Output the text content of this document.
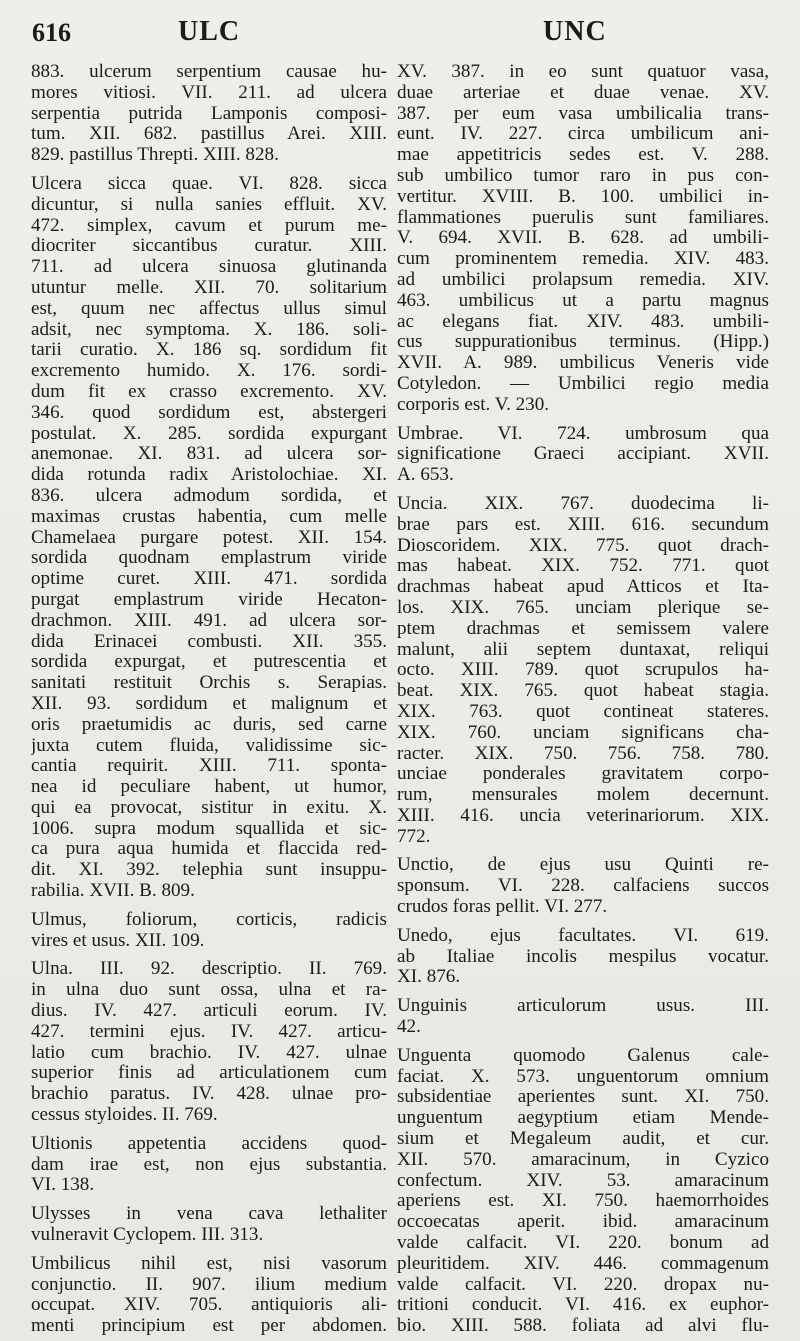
616	ULC	UNC
883. ulcerum serpentium causae hu-
mores vitiosi. VII. 211. ad ulcera
serpentia putrida Lamponis composi-
tum. XII. 682. pastillus Arei. XIII.
829. pastillus Threpti. XIII. 828.
Ulcera sicca quae. VI. 828. sicca
dicuntur, si nulla sanies effluit. XV.
472. simplex, cavum et purum me-
diocriter siccantibus curatur. XIII.
711. ad ulcera sinuosa glutinanda
utuntur melle. XII. 70. solitarium
est, quum nec affectus ullus simul
adsit, nec symptoma. X. 186. soli-
tarii curatio. X. 186 sq. sordidum fit
excremento humido. X. 176. sordi-
dum fit ex crasso excremento. XV.
346. quod sordidum est, abstergeri
postulat. X. 285. sordida expurgant
anemonae. XI. 831. ad ulcera sor-
dida rotunda radix Aristolochiae. XI.
836. ulcera admodum sordida, et
maximas crustas habentia, cum melle
Chamelaea purgare potest. XII. 154.
sordida quodnam emplastrum viride
optime curet. XIII. 471. sordida
purgat emplastrum viride Hecaton-
drachmon. XIII. 491. ad ulcera sor-
dida Erinacei combusti. XII. 355.
sordida expurgat, et putrescentia et
sanitati restituit Orchis s. Serapias.
XII. 93. sordidum et malignum et
oris praetumidis ac duris, sed carne
juxta cutem fluida, validissime sic-
cantia requirit. XIII. 711. sponta-
nea id peculiare habent, ut humor,
qui ea provocat, sistitur in exitu. X.
1006. supra modum squallida et sic-
ca pura aqua humida et flaccida red-
dit. XI. 392. telephia sunt insuppu-
rabilia. XVII. B. 809.
Ulmus, foliorum, corticis, radicis
vires et usus. XII. 109.
Ulna. III. 92. descriptio. II. 769.
in ulna duo sunt ossa, ulna et ra-
dius. IV. 427. articuli eorum. IV.
427. termini ejus. IV. 427. articu-
latio cum brachio. IV. 427. ulnae
superior finis ad articulationem cum
brachio paratus. IV. 428. ulnae pro-
cessus styloides. II. 769.
Ultionis appetentia accidens quod-
dam irae est, non ejus substantia.
VI. 138.
Ulysses in vena cava lethaliter
vulneravit Cyclopem. III. 313.
Umbilicus nihil est, nisi vasorum
conjunctio. II. 907. ilium medium
occupat. XIV. 705. antiquioris ali-
menti principium est per abdomen.
XV. 387. in eo sunt quatuor vasa,
duae arteriae et duae venae. XV.
387. per eum vasa umbilicalia trans-
eunt. IV. 227. circa umbilicum ani-
mae appetitricis sedes est. V. 288.
sub umbilico tumor raro in pus con-
vertitur. XVIII. B. 100. umbilici in-
flammationes puerulis sunt familiares.
V. 694. XVII. B. 628. ad umbili-
cum prominentem remedia. XIV. 483.
ad umbilici prolapsum remedia. XIV.
463. umbilicus ut a partu magnus
ac elegans fiat. XIV. 483. umbili-
cus suppurationibus terminus. (Hipp.)
XVII. A. 989. umbilicus Veneris vide
Cotyledon. — Umbilici regio media
corporis est. V. 230.
Umbrae. VI. 724. umbrosum qua
significatione Graeci accipiant. XVII.
A. 653.
Uncia. XIX. 767. duodecima li-
brae pars est. XIII. 616. secundum
Dioscoridem. XIX. 775. quot drach-
mas habeat. XIX. 752. 771. quot
drachmas habeat apud Atticos et Ita-
los. XIX. 765. unciam plerique se-
ptem drachmas et semissem valere
malunt, alii septem duntaxat, reliqui
octo. XIII. 789. quot scrupulos ha-
beat. XIX. 765. quot habeat stagia.
XIX. 763. quot contineat stateres.
XIX. 760. unciam significans cha-
racter. XIX. 750. 756. 758. 780.
unciae ponderales gravitatem corpo-
rum, mensurales molem decernunt.
XIII. 416. uncia veterinariorum. XIX.
772.
Unctio, de ejus usu Quinti re-
sponsum. VI. 228. calfaciens succos
crudos foras pellit. VI. 277.
Unedo, ejus facultates. VI. 619.
ab Italiae incolis mespilus vocatur.
XI. 876.
Unguinis articulorum usus. III.
42.
Unguenta quomodo Galenus cale-
faciat. X. 573. unguentorum omnium
subsidentiae aperientes sunt. XI. 750.
unguentum aegyptium etiam Mende-
sium et Megaleum audit, et cur.
XII. 570. amaracinum, in Cyzico
confectum. XIV. 53. amaracinum
aperiens est. XI. 750. haemorrhoides
occoecatas aperit. ibid. amaracinum
valde calfacit. VI. 220. bonum ad
pleuritidem. XIV. 446. commagenum
valde calfacit. VI. 220. dropax nu-
tritioni conducit. VI. 416. ex euphor-
bio. XIII. 588. foliata ad alvi flu-
